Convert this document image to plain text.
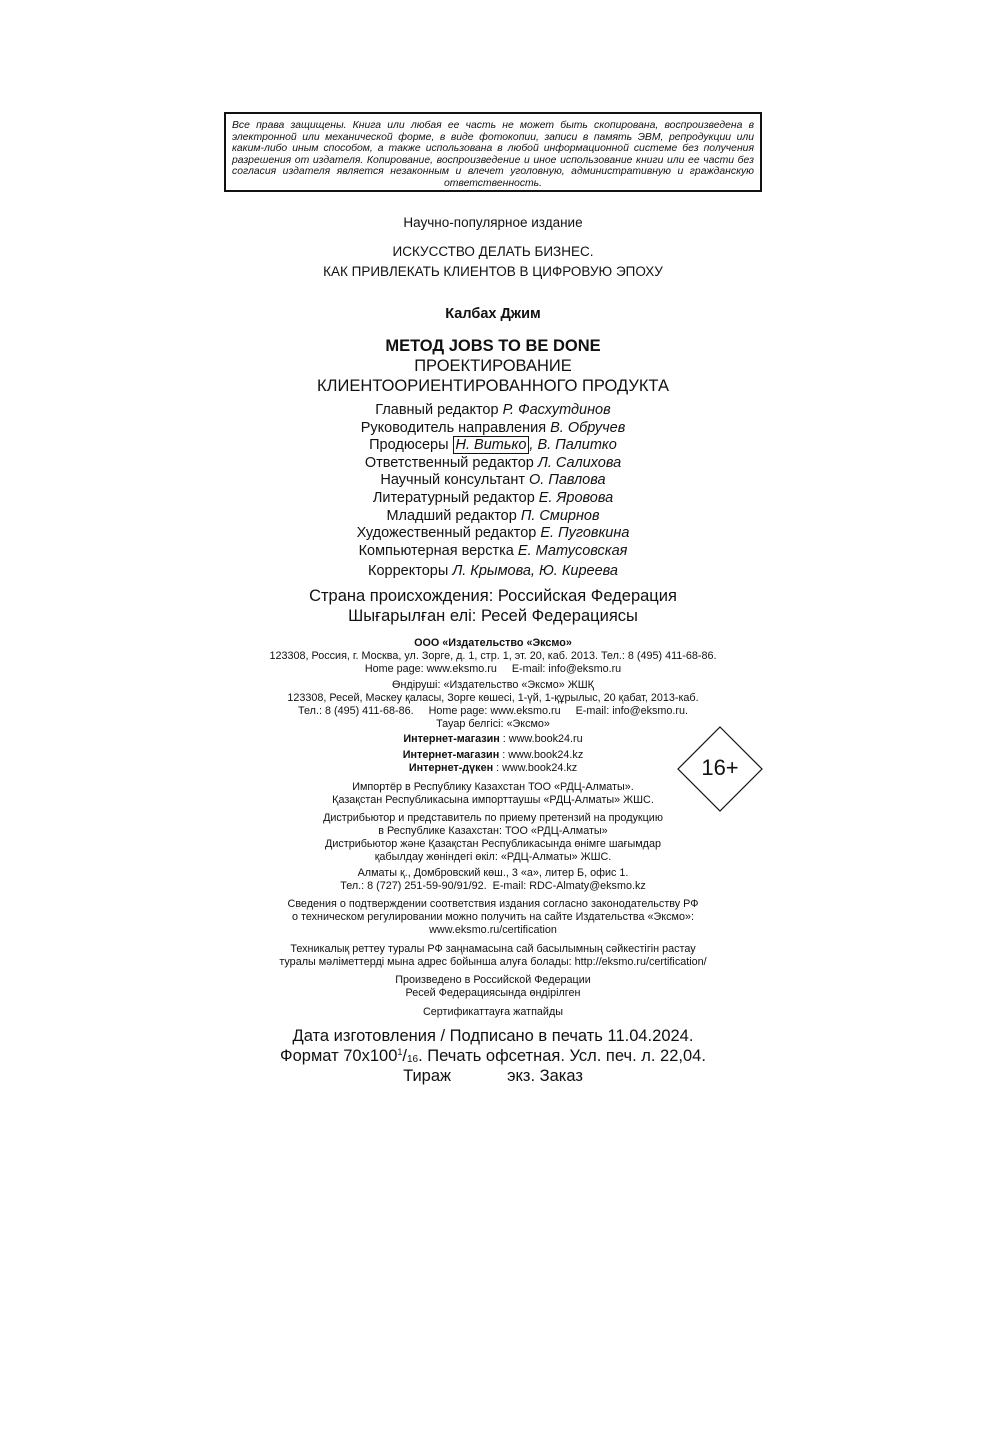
Все права защищены. Книга или любая ее часть не может быть скопирована, воспроизведена в электронной или механической форме, в виде фотокопии, записи в память ЭВМ, репродукции или каким-либо иным способом, а также использована в любой информационной системе без получения разрешения от издателя. Копирование, воспроизведение и иное использование книги или ее части без согласия издателя является незаконным и влечет уголовную, административную и гражданскую ответственность.
Научно-популярное издание
ИСКУССТВО ДЕЛАТЬ БИЗНЕС.
КАК ПРИВЛЕКАТЬ КЛИЕНТОВ В ЦИФРОВУЮ ЭПОХУ
Калбах Джим
МЕТОД JOBS TO BE DONE
ПРОЕКТИРОВАНИЕ
КЛИЕНТООРИЕНТИРОВАННОГО ПРОДУКТА
Главный редактор Р. Фасхутдинов
Руководитель направления В. Обручев
Продюсеры Н. Витько , В. Палитко
Ответственный редактор Л. Салихова
Научный консультант О. Павлова
Литературный редактор Е. Яровова
Младший редактор П. Смирнов
Художественный редактор Е. Пуговкина
Компьютерная верстка Е. Матусовская
Корректоры Л. Крымова, Ю. Киреева
Страна происхождения: Российская Федерация
Шығарылған елі: Ресей Федерациясы
ООО «Издательство «Эксмо»
123308, Россия, г. Москва, ул. Зорге, д. 1, стр. 1, эт. 20, каб. 2013. Тел.: 8 (495) 411-68-86.
Home page: www.eksmo.ru     E-mail: info@eksmo.ru
Өндіруші: «Издательство «Эксмо» ЖШҚ
123308, Ресей, Мәскеу қаласы, Зорге көшесі, 1-үй, 1-құрылыс, 20 қабат, 2013-каб.
Тел.: 8 (495) 411-68-86.     Home page: www.eksmo.ru     E-mail: info@eksmo.ru.
Тауар белгісі: «Эксмо»
Интернет-магазин : www.book24.ru
Интернет-магазин : www.book24.kz
Интернет-дүкен : www.book24.kz	16+
Импортёр в Республику Казахстан ТОО «РДЦ-Алматы».
Қазақстан Республикасына импорттаушы «РДЦ-Алматы» ЖШС.
Дистрибьютор и представитель по приему претензий на продукцию
в Республике Казахстан: ТОО «РДЦ-Алматы»
Дистрибьютор және Қазақстан Республикасында өнімге шағымдар
қабылдау жөніндегі өкіл: «РДЦ-Алматы» ЖШС.
Алматы қ., Домбровский көш., 3 «а», литер Б, офис 1.
Тел.: 8 (727) 251-59-90/91/92.  E-mail: RDC-Almaty@eksmo.kz
Сведения о подтверждении соответствия издания согласно законодательству РФ
о техническом регулировании можно получить на сайте Издательства «Эксмо»:
www.eksmo.ru/certification
Техникалық реттеу туралы РФ заңнамасына сай басылымның сәйкестігін растау
туралы мәліметтерді мына адрес бойынша алуға болады: http://eksmo.ru/certification/
Произведено в Российской Федерации
Ресей Федерациясында өндірілген
Сертификаттауға жатпайды
Дата изготовления / Подписано в печать 11.04.2024.
Формат $70х100^1/_{16}$. Печать офсетная. Усл. печ. л. 22,04.
Тираж	экз. Заказ
